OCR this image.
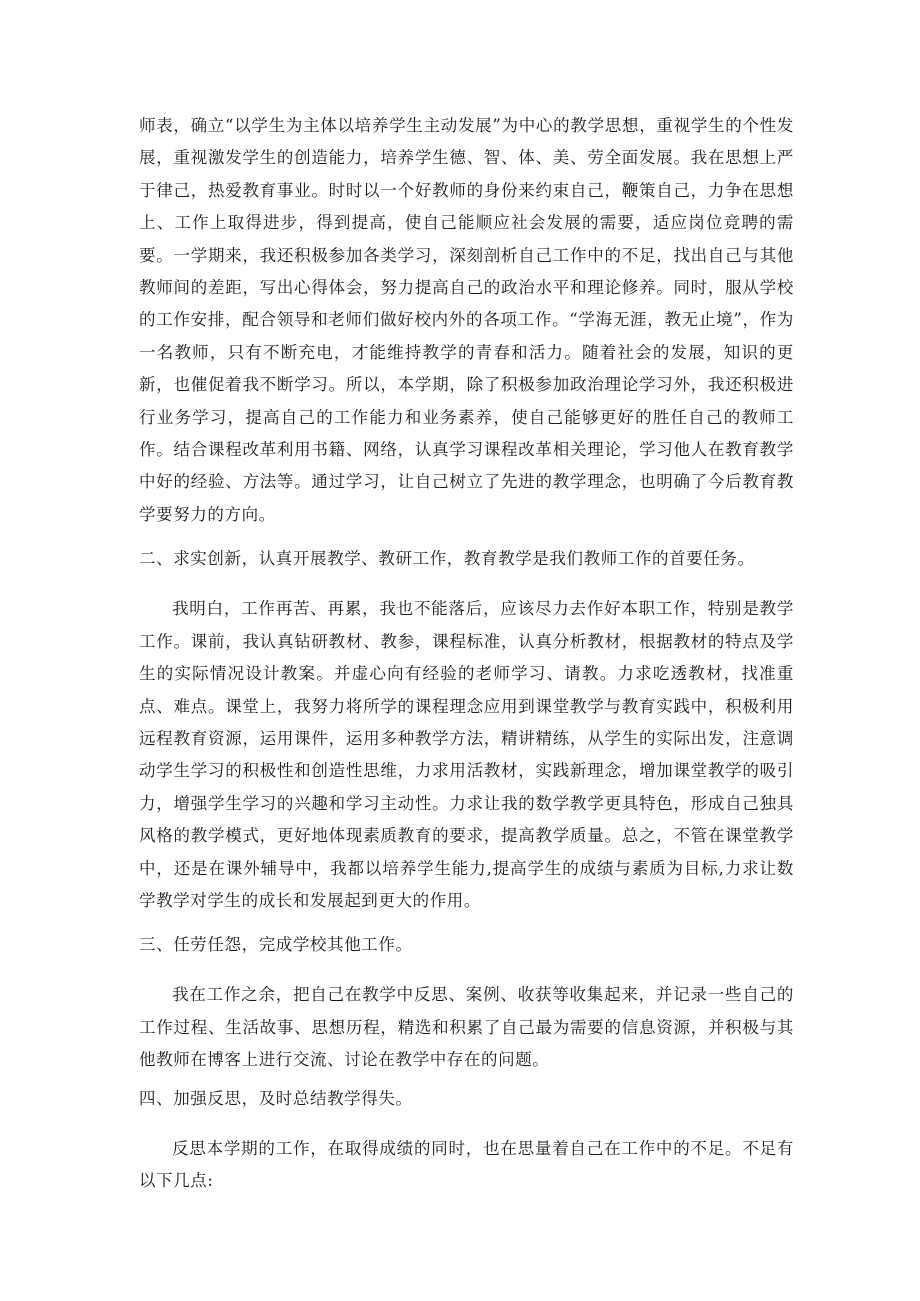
师表，确立“以学生为主体以培养学生主动发展”为中心的教学思想，重视学生的个性发展，重视激发学生的创造能力，培养学生德、智、体、美、劳全面发展。我在思想上严于律己，热爱教育事业。时时以一个好教师的身份来约束自己，鞭策自己，力争在思想上、工作上取得进步，得到提高，使自己能顺应社会发展的需要，适应岗位竞聘的需要。一学期来，我还积极参加各类学习，深刻剖析自己工作中的不足，找出自己与其他教师间的差距，写出心得体会，努力提高自己的政治水平和理论修养。同时，服从学校的工作安排，配合领导和老师们做好校内外的各项工作。“学海无涯，教无止境”，作为一名教师，只有不断充电，才能维持教学的青春和活力。随着社会的发展，知识的更新，也催促着我不断学习。所以，本学期，除了积极参加政治理论学习外，我还积极进行业务学习，提高自己的工作能力和业务素养，使自己能够更好的胜任自己的教师工作。结合课程改革利用书籍、网络，认真学习课程改革相关理论，学习他人在教育教学中好的经验、方法等。通过学习，让自己树立了先进的教学理念，也明确了今后教育教学要努力的方向。

二、求实创新，认真开展教学、教研工作，教育教学是我们教师工作的首要任务。

我明白，工作再苦、再累，我也不能落后，应该尽力去作好本职工作，特别是教学工作。课前，我认真钻研教材、教参，课程标准，认真分析教材，根据教材的特点及学生的实际情况设计教案。并虚心向有经验的老师学习、请教。力求吃透教材，找准重点、难点。课堂上，我努力将所学的课程理念应用到课堂教学与教育实践中，积极利用远程教育资源，运用课件，运用多种教学方法，精讲精练，从学生的实际出发，注意调动学生学习的积极性和创造性思维，力求用活教材，实践新理念，增加课堂教学的吸引力，增强学生学习的兴趣和学习主动性。力求让我的数学教学更具特色，形成自己独具风格的教学模式，更好地体现素质教育的要求，提高教学质量。总之，不管在课堂教学中，还是在课外辅导中，我都以培养学生能力,提高学生的成绩与素质为目标,力求让数学教学对学生的成长和发展起到更大的作用。

三、任劳任怨，完成学校其他工作。

我在工作之余，把自己在教学中反思、案例、收获等收集起来，并记录一些自己的工作过程、生活故事、思想历程，精选和积累了自己最为需要的信息资源，并积极与其他教师在博客上进行交流、讨论在教学中存在的问题。

四、加强反思，及时总结教学得失。

反思本学期的工作，在取得成绩的同时，也在思量着自己在工作中的不足。不足有以下几点:
